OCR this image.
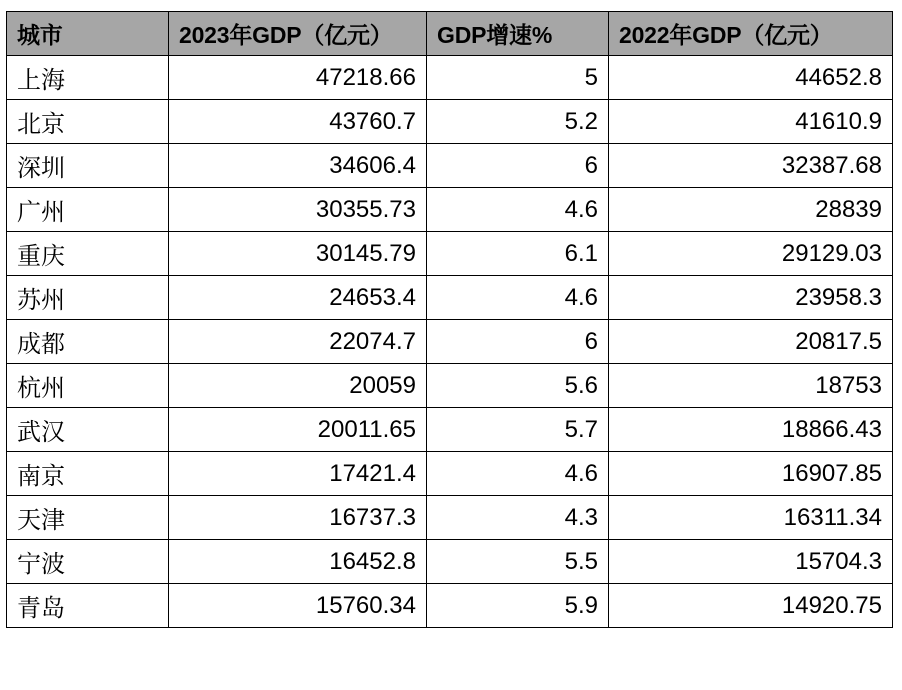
城市	2023年GDP（亿元）	GDP增速%	2022年GDP（亿元）
上海	47218.66	5	44652.8
北京	43760.7	5.2	41610.9
深圳	34606.4	6	32387.68
广州	30355.73	4.6	28839
重庆	30145.79	6.1	29129.03
苏州	24653.4	4.6	23958.3
成都	22074.7	6	20817.5
杭州	20059	5.6	18753
武汉	20011.65	5.7	18866.43
南京	17421.4	4.6	16907.85
天津	16737.3	4.3	16311.34
宁波	16452.8	5.5	15704.3
青岛	15760.34	5.9	14920.75
